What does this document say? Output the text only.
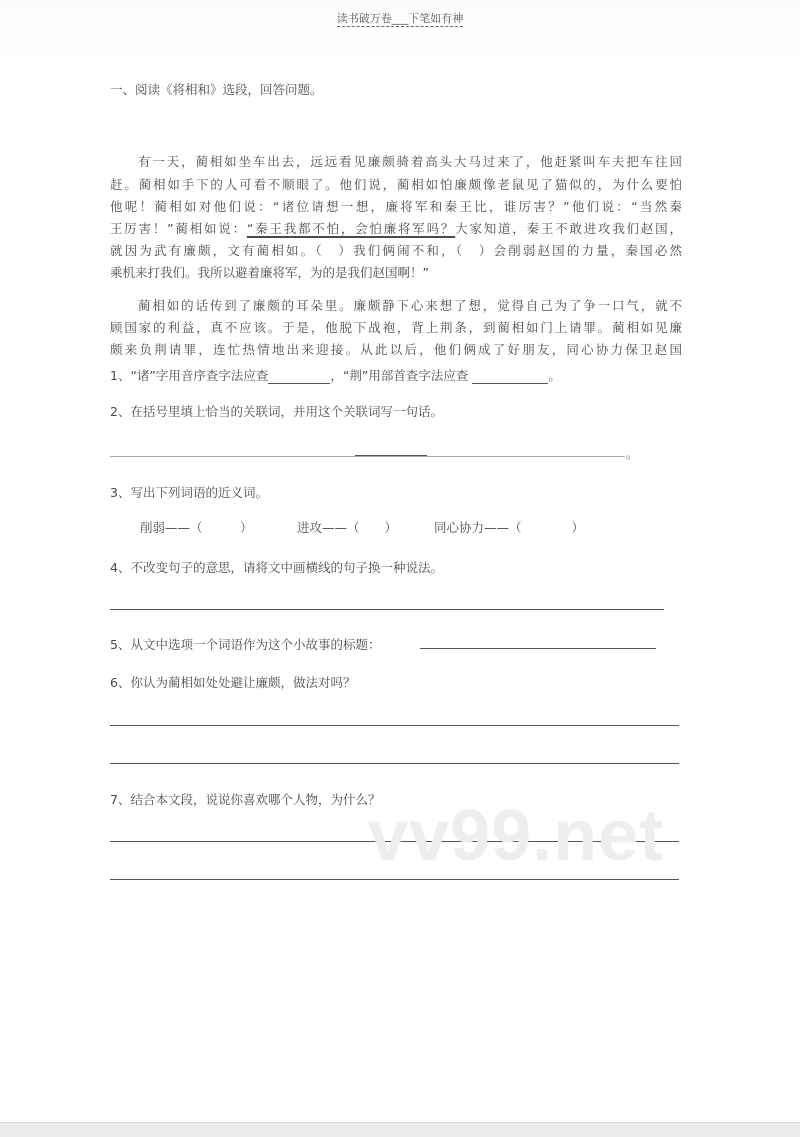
读书破万卷___下笔如有神
一、阅读《将相和》选段，回答问题。
有一天，蔺相如坐车出去，远远看见廉颇骑着高头大马过来了，他赶紧叫车夫把车往回
赶。蔺相如手下的人可看不顺眼了。他们说，蔺相如怕廉颇像老鼠见了猫似的，为什么要怕
他呢！蔺相如对他们说：“诸位请想一想，廉将军和秦王比，谁厉害？”他们说：“当然秦
王厉害！”蔺相如说：“秦王我都不怕，会怕廉将军吗？大家知道，秦王不敢进攻我们赵国，
就因为武有廉颇，文有蔺相如。（　）我们俩闹不和，（　）会削弱赵国的力量，秦国必然
乘机来打我们。我所以避着廉将军，为的是我们赵国啊！”
蔺相如的话传到了廉颇的耳朵里。廉颇静下心来想了想，觉得自己为了争一口气，就不
顾国家的利益，真不应该。于是，他脱下战袍，背上荆条，到蔺相如门上请罪。蔺相如见廉
颇来负荆请罪，连忙热情地出来迎接。从此以后，他们俩成了好朋友，同心协力保卫赵国
1、“诸”字用音序查字法应查	，“荆”用部首查字法应查	。
2、在括号里填上恰当的关联词，并用这个关联词写一句话。
。
3、写出下列词语的近义词。
削弱——（　　　）	进攻——（　　）	同心协力——（　　　　）
4、不改变句子的意思，请将文中画横线的句子换一种说法。
5、从文中选项一个词语作为这个小故事的标题：
6、你认为蔺相如处处避让廉颇，做法对吗？
7、结合本文段，说说你喜欢哪个人物，为什么？
vv99.net
